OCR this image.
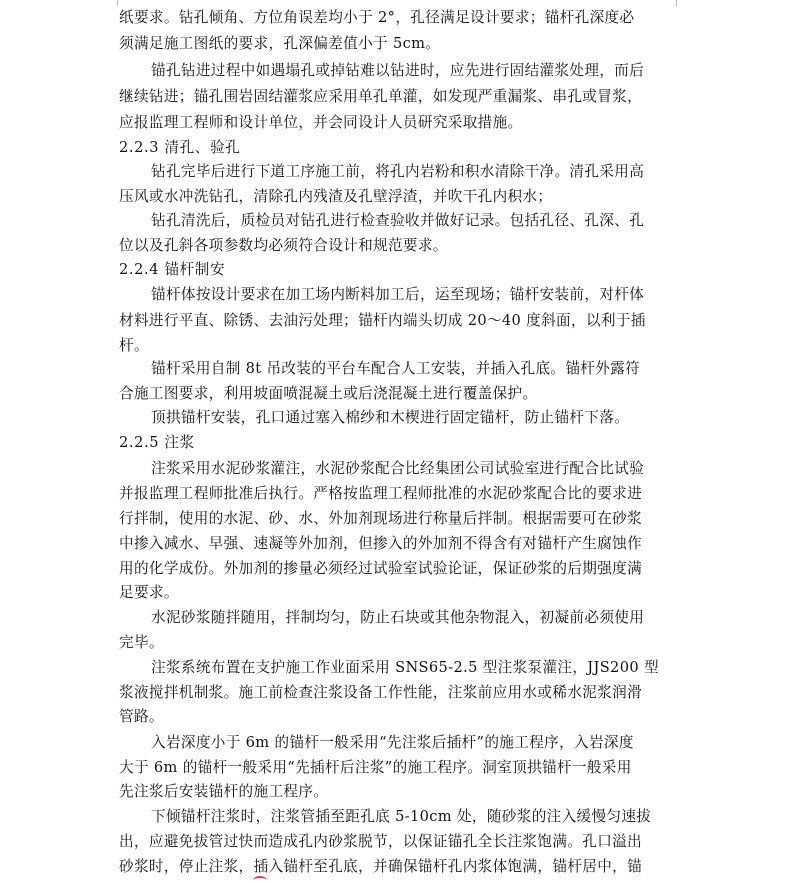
纸要求。钻孔倾角、方位角误差均小于 2°，孔径满足设计要求；锚杆孔深度必
须满足施工图纸的要求，孔深偏差值小于 5cm。
锚孔钻进过程中如遇塌孔或掉钻难以钻进时，应先进行固结灌浆处理，而后
继续钻进；锚孔围岩固结灌浆应采用单孔单灌，如发现严重漏浆、串孔或冒浆，
应报监理工程师和设计单位，并会同设计人员研究采取措施。
2.2.3 清孔、验孔
钻孔完毕后进行下道工序施工前，将孔内岩粉和积水清除干净。清孔采用高
压风或水冲洗钻孔，清除孔内残渣及孔壁浮渣，并吹干孔内积水；
钻孔清洗后，质检员对钻孔进行检查验收并做好记录。包括孔径、孔深、孔
位以及孔斜各项参数均必须符合设计和规范要求。
2.2.4 锚杆制安
锚杆体按设计要求在加工场内断料加工后，运至现场；锚杆安装前，对杆体
材料进行平直、除锈、去油污处理；锚杆内端头切成 20～40 度斜面，以利于插
杆。
锚杆采用自制 8t 吊改装的平台车配合人工安装，并插入孔底。锚杆外露符
合施工图要求，利用坡面喷混凝土或后浇混凝土进行覆盖保护。
顶拱锚杆安装，孔口通过塞入棉纱和木楔进行固定锚杆，防止锚杆下落。
2.2.5 注浆
注浆采用水泥砂浆灌注，水泥砂浆配合比经集团公司试验室进行配合比试验
并报监理工程师批准后执行。严格按监理工程师批准的水泥砂浆配合比的要求进
行拌制，使用的水泥、砂、水、外加剂现场进行称量后拌制。根据需要可在砂浆
中掺入减水、早强、速凝等外加剂，但掺入的外加剂不得含有对锚杆产生腐蚀作
用的化学成份。外加剂的掺量必须经过试验室试验论证，保证砂浆的后期强度满
足要求。
水泥砂浆随拌随用，拌制均匀，防止石块或其他杂物混入，初凝前必须使用
完毕。
注浆系统布置在支护施工作业面采用 SNS65-2.5 型注浆泵灌注，JJS200 型
浆液搅拌机制浆。施工前检查注浆设备工作性能，注浆前应用水或稀水泥浆润滑
管路。
入岩深度小于 6m 的锚杆一般采用“先注浆后插杆”的施工程序，入岩深度
大于 6m 的锚杆一般采用“先插杆后注浆”的施工程序。洞室顶拱锚杆一般采用
先注浆后安装锚杆的施工程序。
下倾锚杆注浆时，注浆管插至距孔底 5-10cm 处，随砂浆的注入缓慢匀速拔
出，应避免拔管过快而造成孔内砂浆脱节，以保证锚孔全长注浆饱满。孔口溢出
砂浆时，停止注浆，插入锚杆至孔底，并确保锚杆孔内浆体饱满，锚杆居中，锚
